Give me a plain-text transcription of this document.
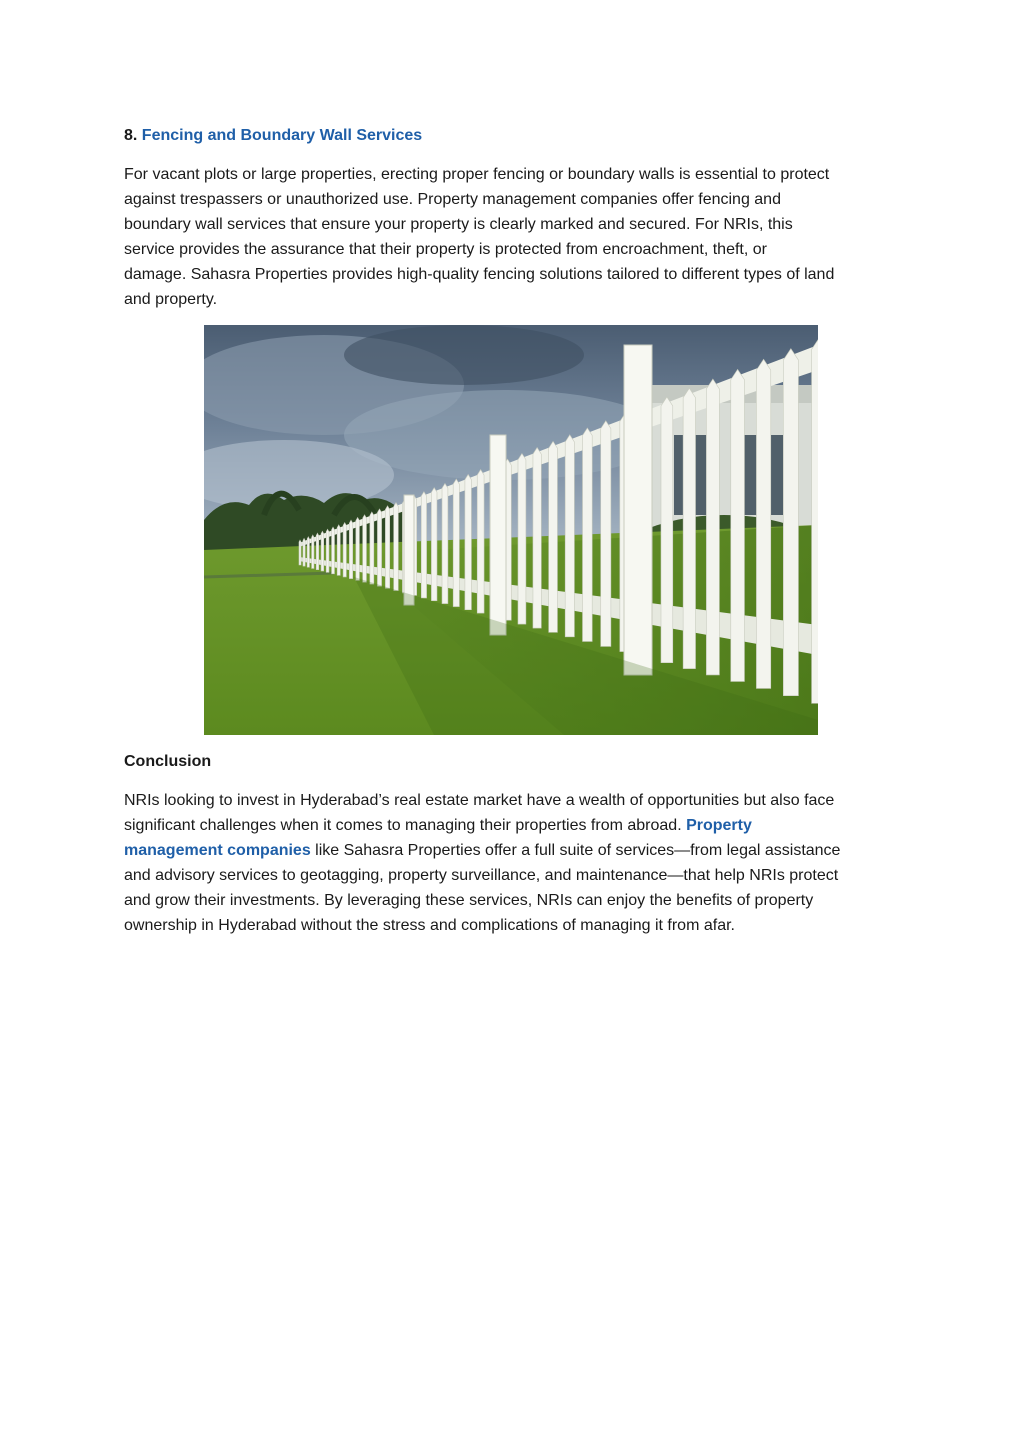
8. Fencing and Boundary Wall Services
For vacant plots or large properties, erecting proper fencing or boundary walls is essential to protect
against trespassers or unauthorized use. Property management companies offer fencing and
boundary wall services that ensure your property is clearly marked and secured. For NRIs, this
service provides the assurance that their property is protected from encroachment, theft, or
damage. Sahasra Properties provides high-quality fencing solutions tailored to different types of land
and property.
Conclusion
NRIs looking to invest in Hyderabad’s real estate market have a wealth of opportunities but also face
significant challenges when it comes to managing their properties from abroad. Property
management companies like Sahasra Properties offer a full suite of services—from legal assistance
and advisory services to geotagging, property surveillance, and maintenance—that help NRIs protect
and grow their investments. By leveraging these services, NRIs can enjoy the benefits of property
ownership in Hyderabad without the stress and complications of managing it from afar.
